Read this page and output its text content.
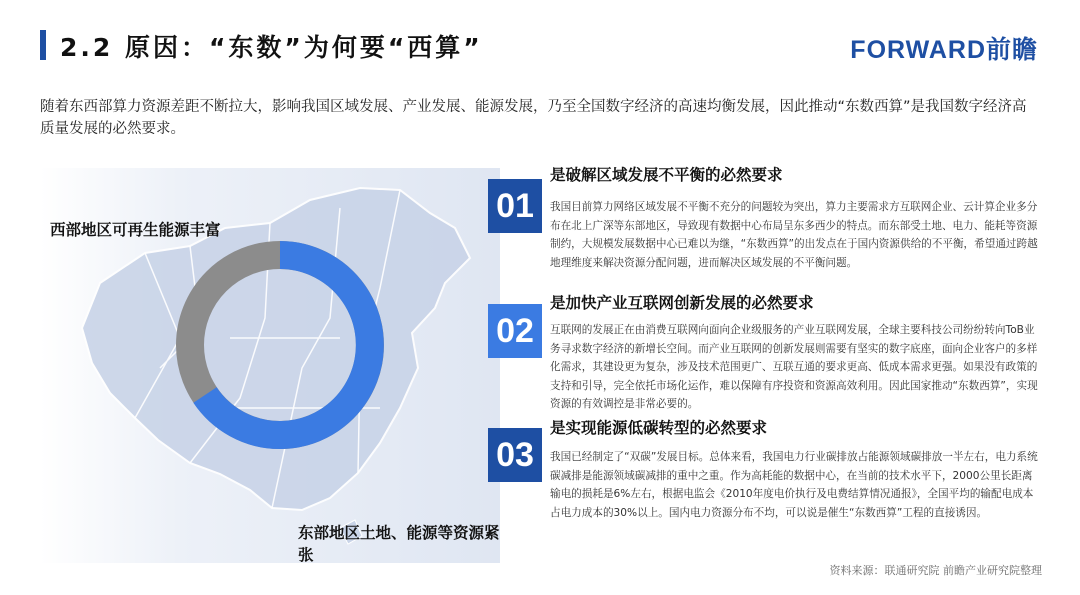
2.2 原因：“东数”为何要“西算”	FORWARD前瞻
随着东西部算力资源差距不断拉大，影响我国区域发展、产业发展、能源发展，乃至全国数字经济的高速均衡发展，因此推动“东数西算”是我国数字经济高质量发展的必然要求。
西部地区可再生能源丰富
东部地区土地、能源等资源紧张
01
是破解区域发展不平衡的必然要求
我国目前算力网络区域发展不平衡不充分的问题较为突出，算力主要需求方互联网企业、云计算企业多分布在北上广深等东部地区，导致现有数据中心布局呈东多西少的特点。而东部受土地、电力、能耗等资源制约，大规模发展数据中心已难以为继，“东数西算”的出发点在于国内资源供给的不平衡，希望通过跨越地理维度来解决资源分配问题，进而解决区域发展的不平衡问题。
02
是加快产业互联网创新发展的必然要求
互联网的发展正在由消费互联网向面向企业级服务的产业互联网发展，全球主要科技公司纷纷转向ToB业务寻求数字经济的新增长空间。而产业互联网的创新发展则需要有坚实的数字底座，面向企业客户的多样化需求，其建设更为复杂，涉及技术范围更广、互联互通的要求更高、低成本需求更强。如果没有政策的支持和引导，完全依托市场化运作，难以保障有序投资和资源高效利用。因此国家推动“东数西算”，实现资源的有效调控是非常必要的。
03
是实现能源低碳转型的必然要求
我国已经制定了“双碳”发展目标。总体来看，我国电力行业碳排放占能源领域碳排放一半左右，电力系统碳减排是能源领域碳减排的重中之重。作为高耗能的数据中心，在当前的技术水平下，2000公里长距离输电的损耗是6%左右，根据电监会《2010年度电价执行及电费结算情况通报》，全国平均的输配电成本占电力成本的30%以上。国内电力资源分布不均，可以说是催生“东数西算”工程的直接诱因。
资料来源：联通研究院 前瞻产业研究院整理
